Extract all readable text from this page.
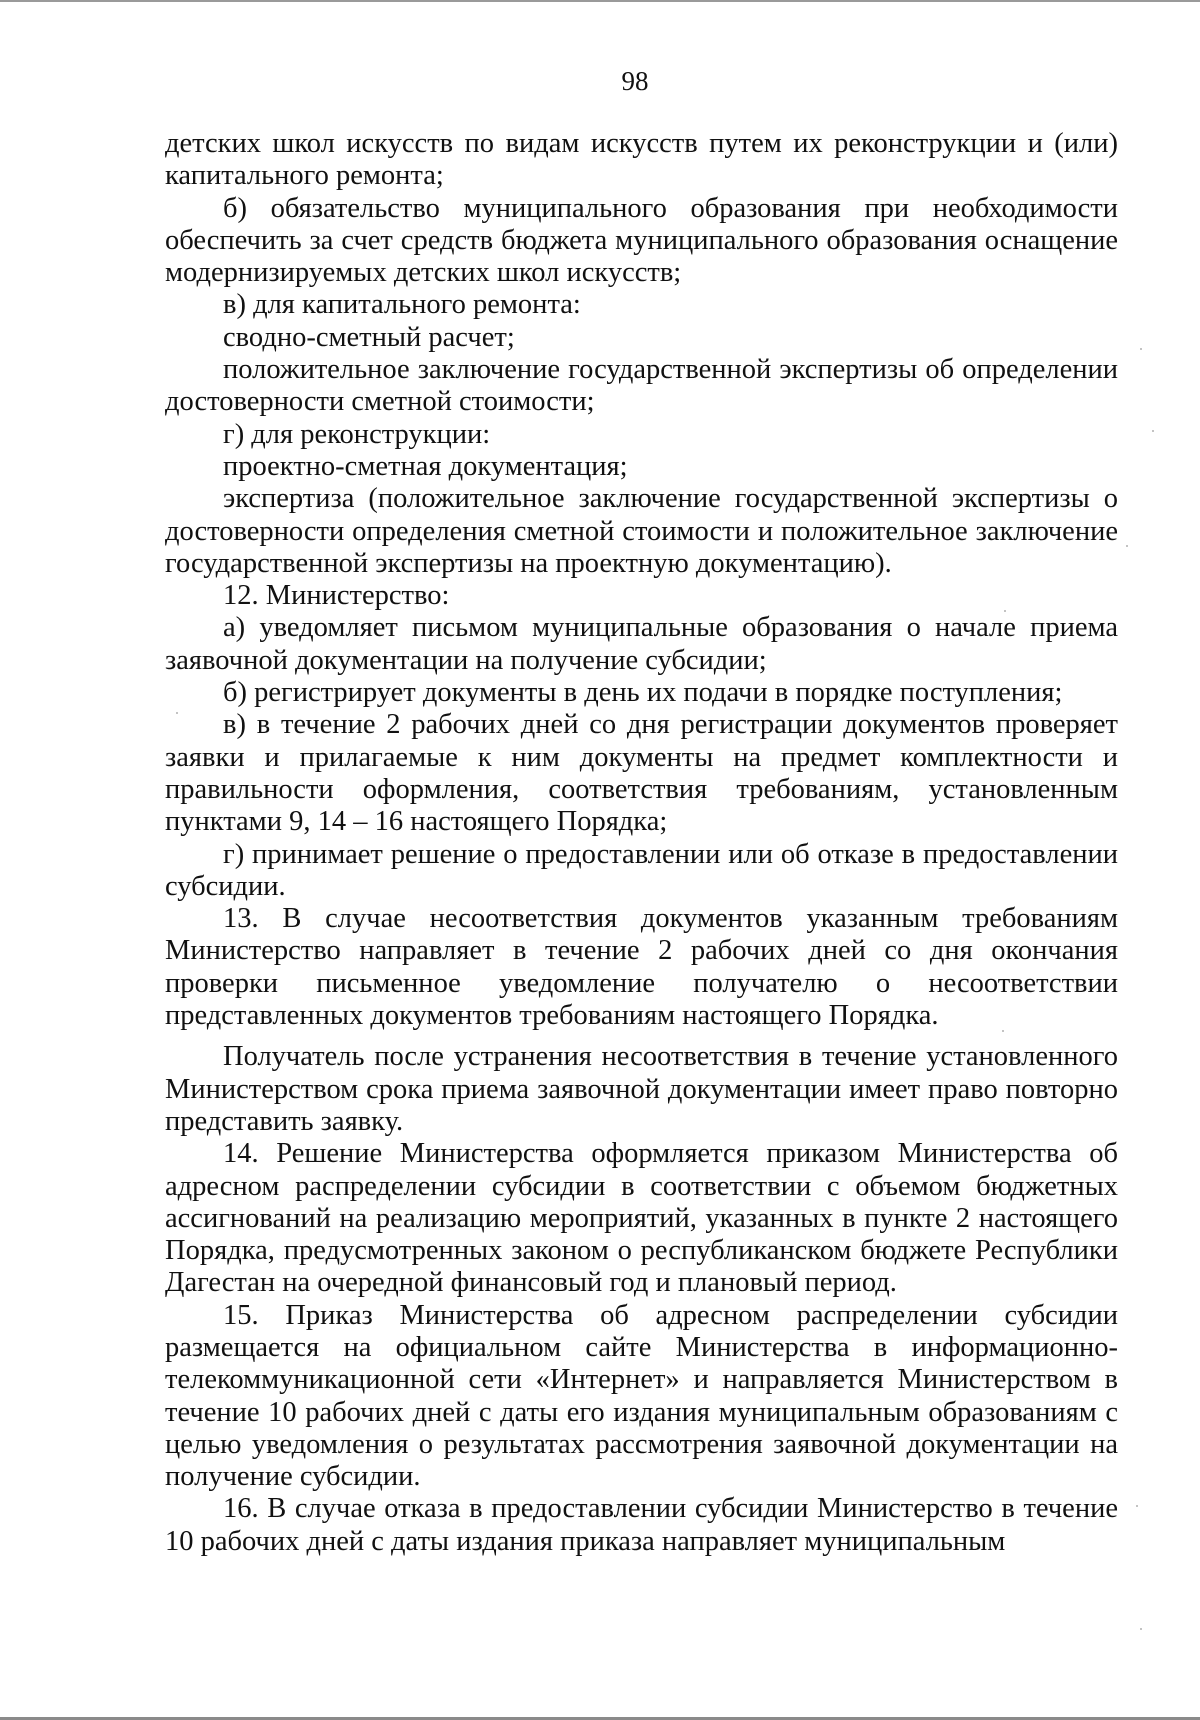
98

детских школ искусств по видам искусств путем их реконструкции и (или) капитального ремонта;

б) обязательство муниципального образования при необходимости обеспечить за счет средств бюджета муниципального образования оснащение модернизируемых детских школ искусств;

в) для капитального ремонта:

сводно-сметный расчет;

положительное заключение государственной экспертизы об определении достоверности сметной стоимости;

г) для реконструкции:

проектно-сметная документация;

экспертиза (положительное заключение государственной экспертизы о достоверности определения сметной стоимости и положительное заключение государственной экспертизы на проектную документацию).

12. Министерство:

а) уведомляет письмом муниципальные образования о начале приема заявочной документации на получение субсидии;

б) регистрирует документы в день их подачи в порядке поступления;

в) в течение 2 рабочих дней со дня регистрации документов проверяет заявки и прилагаемые к ним документы на предмет комплектности и правильности оформления, соответствия требованиям, установленным пунктами 9, 14 – 16 настоящего Порядка;

г) принимает решение о предоставлении или об отказе в предоставлении субсидии.

13. В случае несоответствия документов указанным требованиям Министерство направляет в течение 2 рабочих дней со дня окончания проверки письменное уведомление получателю о несоответствии представленных документов требованиям настоящего Порядка.

Получатель после устранения несоответствия в течение установленного Министерством срока приема заявочной документации имеет право повторно представить заявку.

14. Решение Министерства оформляется приказом Министерства об адресном распределении субсидии в соответствии с объемом бюджетных ассигнований на реализацию мероприятий, указанных в пункте 2 настоящего Порядка, предусмотренных законом о республиканском бюджете Республики Дагестан на очередной финансовый год и плановый период.

15. Приказ Министерства об адресном распределении субсидии размещается на официальном сайте Министерства в информационно-телекоммуникационной сети «Интернет» и направляется Министерством в течение 10 рабочих дней с даты его издания муниципальным образованиям с целью уведомления о результатах рассмотрения заявочной документации на получение субсидии.

16. В случае отказа в предоставлении субсидии Министерство в течение 10 рабочих дней с даты издания приказа направляет муниципальным
